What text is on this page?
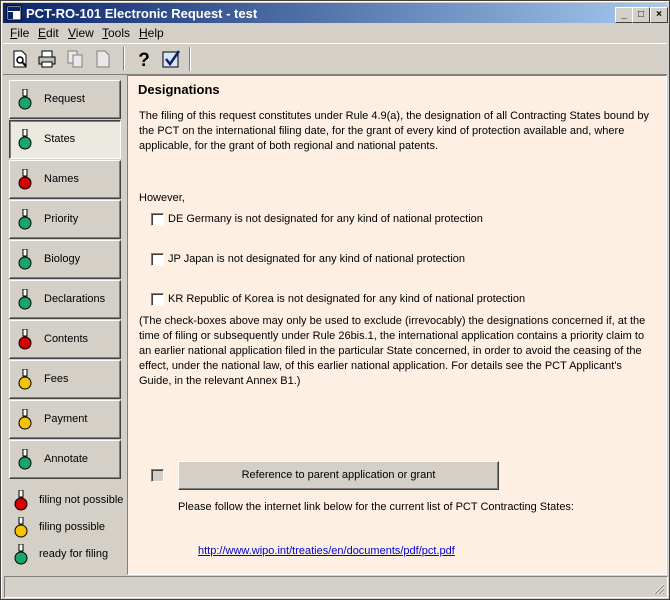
PCT-RO-101 Electronic Request - test	_	□	×
File Edit View Tools Help
?
Request
States
Names
Priority
Biology
Declarations
Contents
Fees
Payment
Annotate
filing not possible
filing possible
ready for filing
Designations
The filing of this request constitutes under Rule 4.9(a), the designation of all Contracting States bound by the PCT on the international filing date, for the grant of every kind of protection available and, where applicable, for the grant of both regional and national patents.
However,
DE Germany is not designated for any kind of national protection
JP Japan is not designated for any kind of national protection
KR Republic of Korea is not designated for any kind of national protection
(The check-boxes above may only be used to exclude (irrevocably) the designations concerned if, at the time of filing or subsequently under Rule 26bis.1, the international application contains a priority claim to an earlier national application filed in the particular State concerned, in order to avoid the ceasing of the effect, under the national law, of this earlier national application. For details see the PCT Applicant's Guide, in the relevant Annex B1.)
Reference to parent application or grant
Please follow the internet link below for the current list of PCT Contracting States:
http://www.wipo.int/treaties/en/documents/pdf/pct.pdf
